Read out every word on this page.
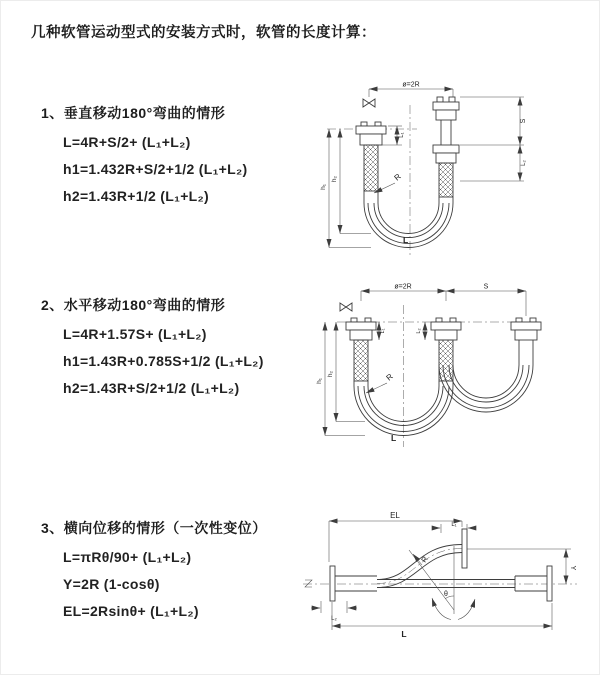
几种软管运动型式的安装方式时，软管的长度计算：
1、垂直移动180°弯曲的情形
L=4R+S/2+ (L₁+L₂)
h1=1.432R+S/2+1/2 (L₁+L₂)
h2=1.43R+1/2 (L₁+L₂)
ø=2R
h₁
h₂
L₁
S
L₂
R
L
2、水平移动180°弯曲的情形
L=4R+1.57S+ (L₁+L₂)
h1=1.43R+0.785S+1/2 (L₁+L₂)
h2=1.43R+S/2+1/2 (L₁+L₂)
ø=2R	S
h₁
h₂
L₁	L₂
R
L
3、横向位移的情形（一次性变位）
L=πRθ/90+ (L₁+L₂)
Y=2R (1-cosθ)
EL=2Rsinθ+ (L₁+L₂)
θ
EL
L₁
Y
L₂
L
R
